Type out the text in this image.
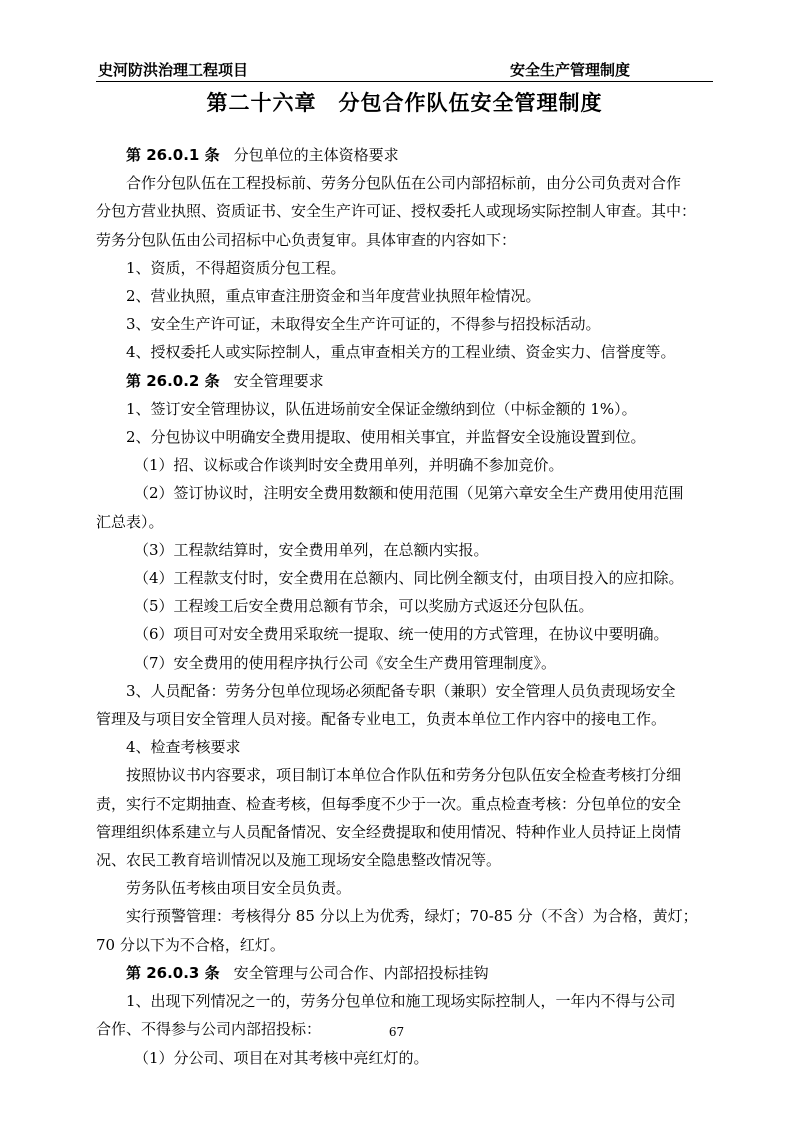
史河防洪治理工程项目	安全生产管理制度
第二十六章　分包合作队伍安全管理制度
第 26.0.1 条 分包单位的主体资格要求
合作分包队伍在工程投标前、劳务分包队伍在公司内部招标前，由分公司负责对合作
分包方营业执照、资质证书、安全生产许可证、授权委托人或现场实际控制人审查。其中：
劳务分包队伍由公司招标中心负责复审。具体审查的内容如下：
1、资质，不得超资质分包工程。
2、营业执照，重点审查注册资金和当年度营业执照年检情况。
3、安全生产许可证，未取得安全生产许可证的，不得参与招投标活动。
4、授权委托人或实际控制人，重点审查相关方的工程业绩、资金实力、信誉度等。
第 26.0.2 条 安全管理要求
1、签订安全管理协议，队伍进场前安全保证金缴纳到位（中标金额的 1%）。
2、分包协议中明确安全费用提取、使用相关事宜，并监督安全设施设置到位。
（1）招、议标或合作谈判时安全费用单列，并明确不参加竞价。
（2）签订协议时，注明安全费用数额和使用范围（见第六章安全生产费用使用范围
汇总表）。
（3）工程款结算时，安全费用单列，在总额内实报。
（4）工程款支付时，安全费用在总额内、同比例全额支付，由项目投入的应扣除。
（5）工程竣工后安全费用总额有节余，可以奖励方式返还分包队伍。
（6）项目可对安全费用采取统一提取、统一使用的方式管理，在协议中要明确。
（7）安全费用的使用程序执行公司《安全生产费用管理制度》。
3、人员配备：劳务分包单位现场必须配备专职（兼职）安全管理人员负责现场安全
管理及与项目安全管理人员对接。配备专业电工，负责本单位工作内容中的接电工作。
4、检查考核要求
按照协议书内容要求，项目制订本单位合作队伍和劳务分包队伍安全检查考核打分细
责，实行不定期抽查、检查考核，但每季度不少于一次。重点检查考核：分包单位的安全
管理组织体系建立与人员配备情况、安全经费提取和使用情况、特种作业人员持证上岗情
况、农民工教育培训情况以及施工现场安全隐患整改情况等。
劳务队伍考核由项目安全员负责。
实行预警管理：考核得分 85 分以上为优秀，绿灯；70-85 分（不含）为合格，黄灯；
70 分以下为不合格，红灯。
第 26.0.3 条 安全管理与公司合作、内部招投标挂钩
1、出现下列情况之一的，劳务分包单位和施工现场实际控制人，一年内不得与公司
合作、不得参与公司内部招投标：
（1）分公司、项目在对其考核中亮红灯的。
67
